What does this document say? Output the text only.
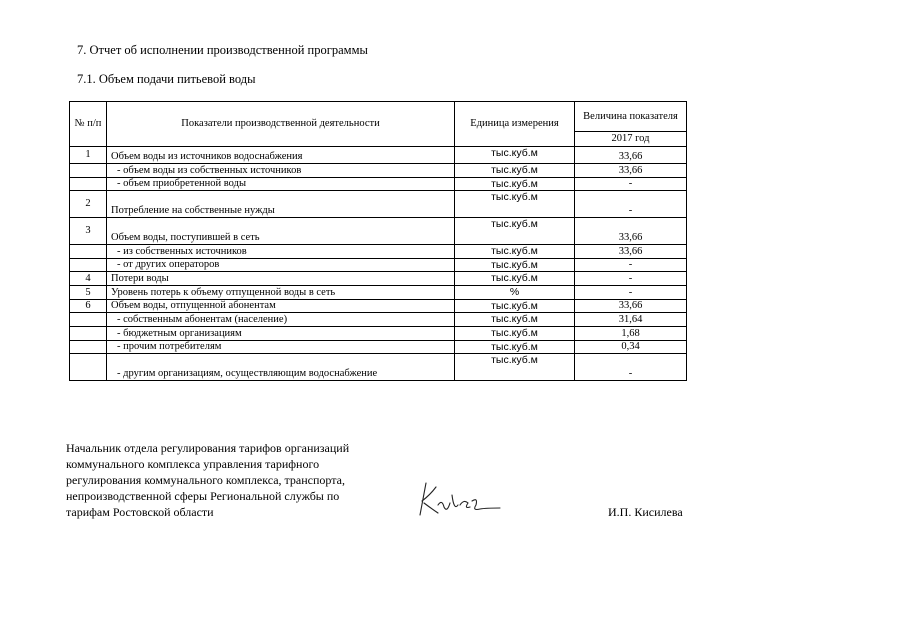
7. Отчет об исполнении производственной программы
7.1. Объем подачи питьевой воды
№ п/п	Показатели производственной деятельности	Единица измерения	Величина показателя
			2017 год
1	Объем воды из источников водоснабжения	тыс.куб.м	33,66
	- объем воды из собственных источников	тыс.куб.м	33,66
	- объем приобретенной воды	тыс.куб.м	-
2	Потребление на собственные нужды	тыс.куб.м	-
3	Объем воды, поступившей в сеть	тыс.куб.м	33,66
	- из собственных источников	тыс.куб.м	33,66
	- от других операторов	тыс.куб.м	-
4	Потери воды	тыс.куб.м	-
5	Уровень потерь к объему отпущенной воды в сеть	%	-
6	Объем воды, отпущенной абонентам	тыс.куб.м	33,66
	- собственным абонентам (население)	тыс.куб.м	31,64
	- бюджетным организациям	тыс.куб.м	1,68
	- прочим потребителям	тыс.куб.м	0,34
	- другим организациям, осуществляющим водоснабжение	тыс.куб.м	-
Начальник отдела регулирования тарифов организаций
коммунального комплекса управления тарифного
регулирования коммунального комплекса, транспорта,
непроизводственной сферы Региональной службы по
тарифам Ростовской области	И.П. Кисилева
